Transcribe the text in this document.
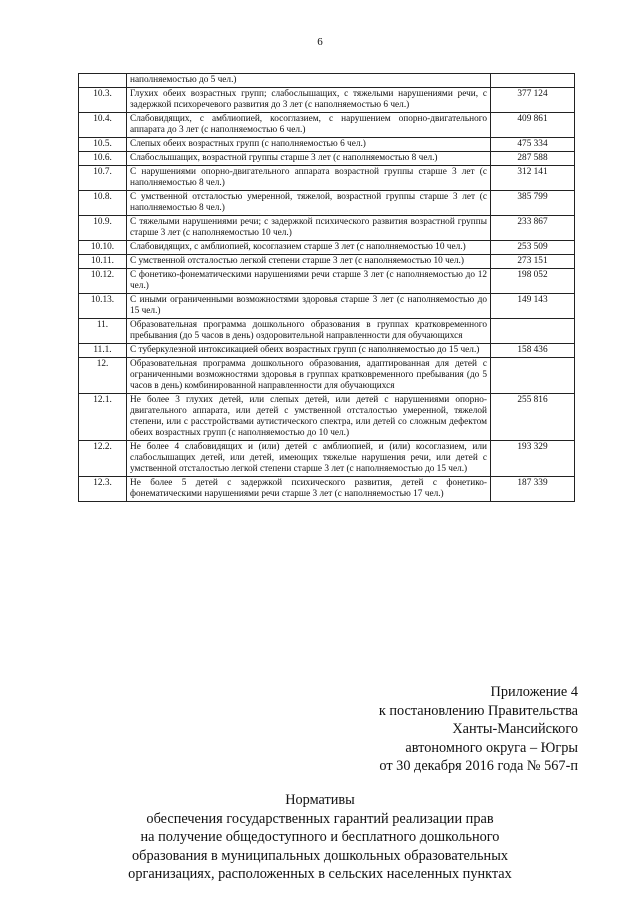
6
	наполняемостью до 5 чел.)	
10.3.	Глухих обеих возрастных групп; слабослышащих, с тяжелыми нарушениями речи, с задержкой психоречевого развития до 3 лет (с наполняемостью 6 чел.)	377 124
10.4.	Слабовидящих, с амблиопией, косоглазием, с нарушением опорно-двигательного аппарата до 3 лет (с наполняемостью 6 чел.)	409 861
10.5.	Слепых обеих возрастных групп (с наполняемостью 6 чел.)	475 334
10.6.	Слабослышащих, возрастной группы старше 3 лет (с наполняемостью 8 чел.)	287 588
10.7.	С нарушениями опорно-двигательного аппарата возрастной группы старше 3 лет (с наполняемостью 8 чел.)	312 141
10.8.	С умственной отсталостью умеренной, тяжелой, возрастной группы старше 3 лет (с наполняемостью 8 чел.)	385 799
10.9.	С тяжелыми нарушениями речи; с задержкой психического развития возрастной группы старше 3 лет (с наполняемостью 10 чел.)	233 867
10.10.	Слабовидящих, с амблиопией, косоглазием старше 3 лет (с наполняемостью 10 чел.)	253 509
10.11.	С умственной отсталостью легкой степени старше 3 лет (с наполняемостью 10 чел.)	273 151
10.12.	С фонетико-фонематическими нарушениями речи старше 3 лет (с наполняемостью до 12 чел.)	198 052
10.13.	С иными ограниченными возможностями здоровья старше 3 лет (с наполняемостью до 15 чел.)	149 143
11.	Образовательная программа дошкольного образования в группах кратковременного пребывания (до 5 часов в день) оздоровительной направленности для обучающихся	
11.1.	С туберкулезной интоксикацией обеих возрастных групп (с наполняемостью до 15 чел.)	158 436
12.	Образовательная программа дошкольного образования, адаптированная для детей с ограниченными возможностями здоровья в группах кратковременного пребывания (до 5 часов в день) комбинированной направленности для обучающихся	
12.1.	Не более 3 глухих детей, или слепых детей, или детей с нарушениями опорно-двигательного аппарата, или детей с умственной отсталостью умеренной, тяжелой степени, или с расстройствами аутистического спектра, или детей со сложным дефектом обеих возрастных групп (с наполняемостью до 10 чел.)	255 816
12.2.	Не более 4 слабовидящих и (или) детей с амблиопией, и (или) косоглазием, или слабослышащих детей, или детей, имеющих тяжелые нарушения речи, или детей с умственной отсталостью легкой степени старше 3 лет (с наполняемостью до 15 чел.)	193 329
12.3.	Не более 5 детей с задержкой психического развития, детей с фонетико-фонематическими нарушениями речи старше 3 лет (с наполняемостью 17 чел.)	187 339
Приложение 4
к постановлению Правительства
Ханты-Мансийского
автономного округа – Югры
от 30 декабря 2016 года № 567-п
Нормативы
обеспечения государственных гарантий реализации прав
на получение общедоступного и бесплатного дошкольного
образования в муниципальных дошкольных образовательных
организациях, расположенных в сельских населенных пунктах
